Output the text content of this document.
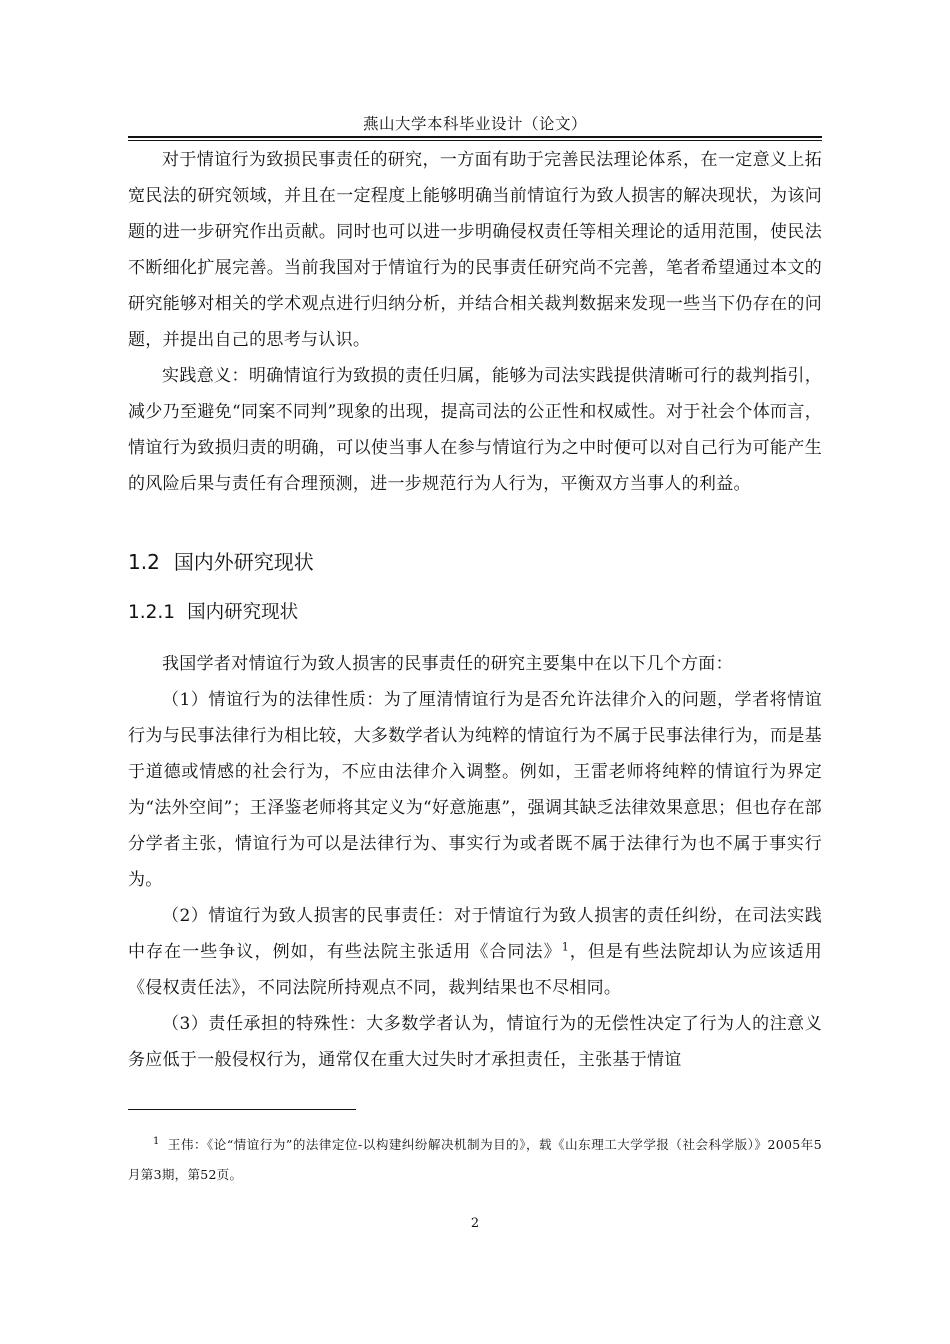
燕山大学本科毕业设计（论文）

对于情谊行为致损民事责任的研究，一方面有助于完善民法理论体系，在一定意义上拓宽民法的研究领域，并且在一定程度上能够明确当前情谊行为致人损害的解决现状，为该问题的进一步研究作出贡献。同时也可以进一步明确侵权责任等相关理论的适用范围，使民法不断细化扩展完善。当前我国对于情谊行为的民事责任研究尚不完善，笔者希望通过本文的研究能够对相关的学术观点进行归纳分析，并结合相关裁判数据来发现一些当下仍存在的问题，并提出自己的思考与认识。

实践意义：明确情谊行为致损的责任归属，能够为司法实践提供清晰可行的裁判指引，减少乃至避免“同案不同判”现象的出现，提高司法的公正性和权威性。对于社会个体而言，情谊行为致损归责的明确，可以使当事人在参与情谊行为之中时便可以对自己行为可能产生的风险后果与责任有合理预测，进一步规范行为人行为，平衡双方当事人的利益。

1.2 国内外研究现状
1.2.1 国内研究现状

我国学者对情谊行为致人损害的民事责任的研究主要集中在以下几个方面：

（1）情谊行为的法律性质：为了厘清情谊行为是否允许法律介入的问题，学者将情谊行为与民事法律行为相比较，大多数学者认为纯粹的情谊行为不属于民事法律行为，而是基于道德或情感的社会行为，不应由法律介入调整。例如，王雷老师将纯粹的情谊行为界定为“法外空间”；王泽鉴老师将其定义为“好意施惠”，强调其缺乏法律效果意思；但也存在部分学者主张，情谊行为可以是法律行为、事实行为或者既不属于法律行为也不属于事实行为。

（2）情谊行为致人损害的民事责任：对于情谊行为致人损害的责任纠纷，在司法实践中存在一些争议，例如，有些法院主张适用《合同法》$^1$，但是有些法院却认为应该适用《侵权责任法》，不同法院所持观点不同，裁判结果也不尽相同。

（3）责任承担的特殊性：大多数学者认为，情谊行为的无偿性决定了行为人的注意义务应低于一般侵权行为，通常仅在重大过失时才承担责任，主张基于情谊

$^1$ 王伟：《论“情谊行为”的法律定位-以构建纠纷解决机制为目的》，载《山东理工大学学报（社会科学版）》2005年5月第3期，第52页。
2
